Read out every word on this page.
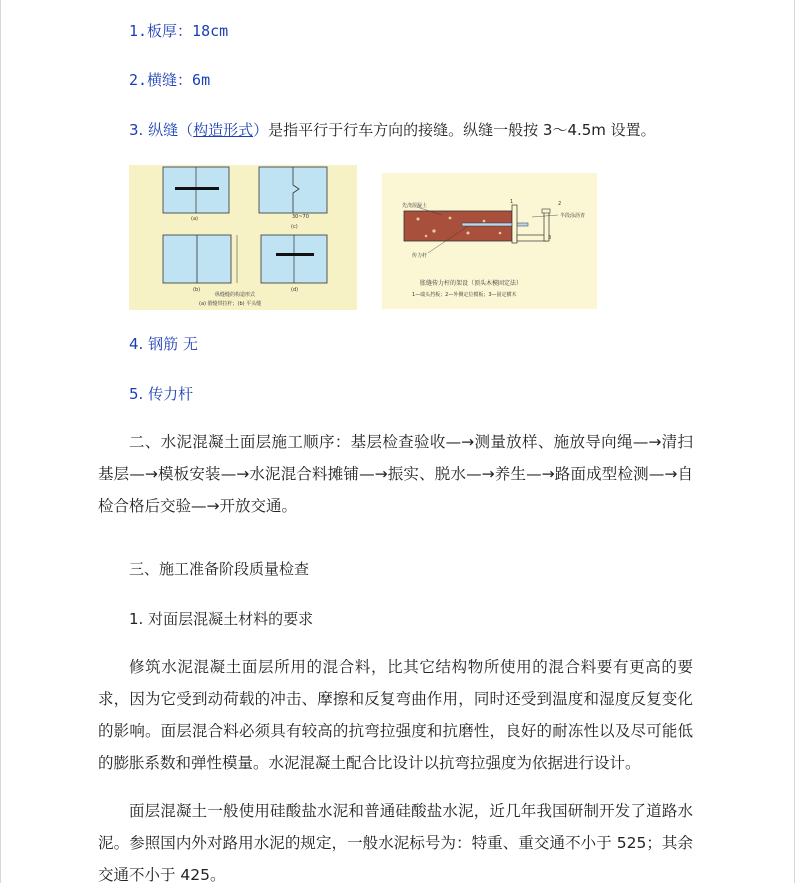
1.板厚：18cm
2.横缝：6m
3. 纵缝（构造形式）是指平行于行车方向的接缝。纵缝一般按 3～4.5m 设置。
(a)
(c)
30~70
(b)	(d)
纵缝缝的构造形式
(a) 假缝带拉杆；(b) 平头缝
先浇混凝土
1	2
3
半段涂沥青
传力杆
胀缝传力杆的架设（顶头木模固定法）
1—端头挡板；2—外侧定位模板；3—固定横木
4. 钢筋 无
5. 传力杆
二、水泥混凝土面层施工顺序：基层检查验收—→测量放样、施放导向绳—→清扫基层—→模板安装—→水泥混合料摊铺—→振实、脱水—→养生—→路面成型检测—→自检合格后交验—→开放交通。
三、施工准备阶段质量检查
1. 对面层混凝土材料的要求
修筑水泥混凝土面层所用的混合料，比其它结构物所使用的混合料要有更高的要求，因为它受到动荷载的冲击、摩擦和反复弯曲作用，同时还受到温度和湿度反复变化的影响。面层混合料必须具有较高的抗弯拉强度和抗磨性，良好的耐冻性以及尽可能低的膨胀系数和弹性模量。水泥混凝土配合比设计以抗弯拉强度为依据进行设计。
面层混凝土一般使用硅酸盐水泥和普通硅酸盐水泥，近几年我国研制开发了道路水泥。参照国内外对路用水泥的规定，一般水泥标号为：特重、重交通不小于 525；其余交通不小于 425。
